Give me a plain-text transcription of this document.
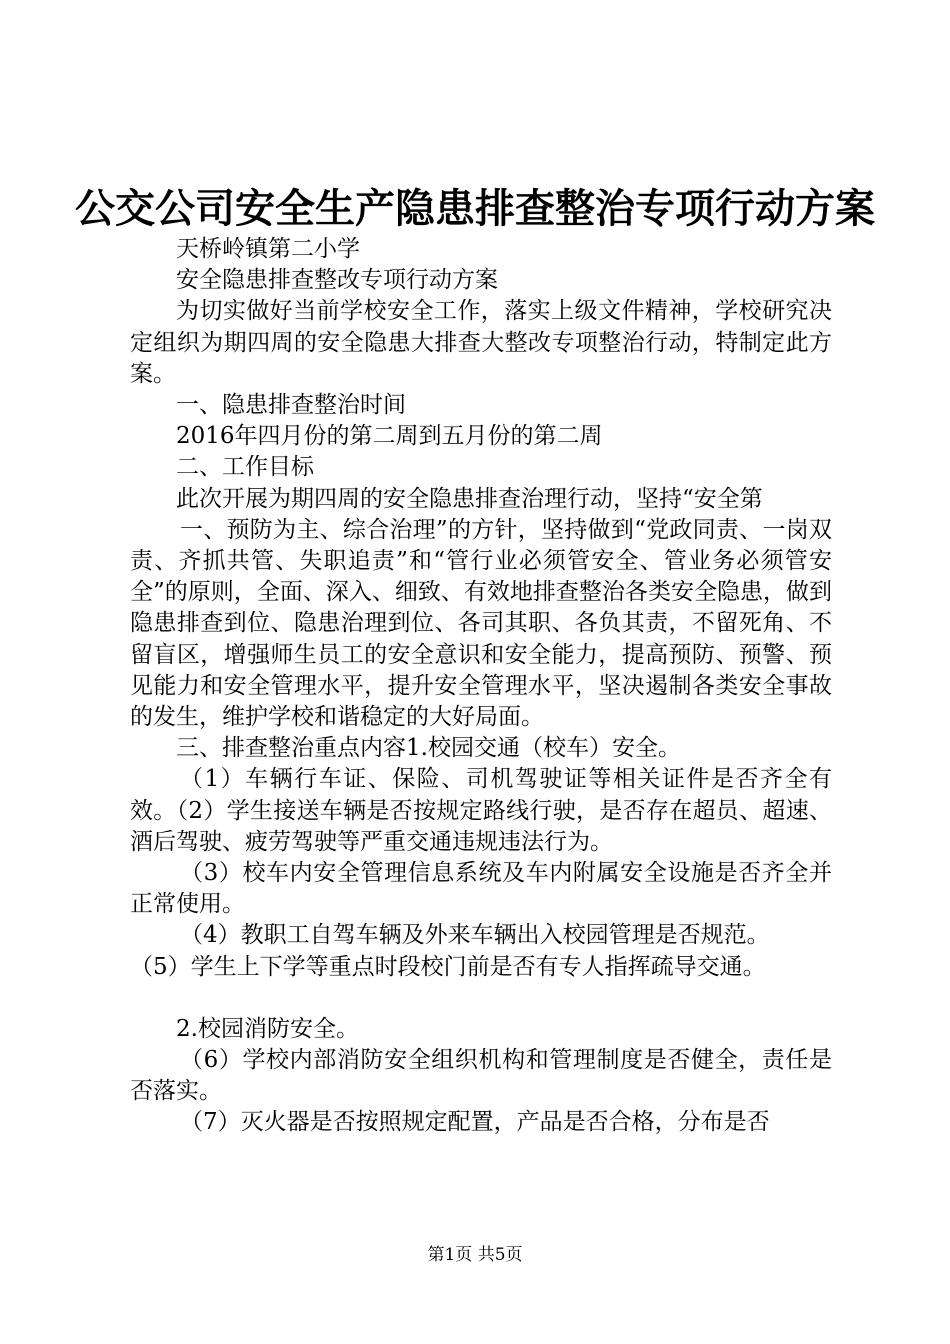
公交公司安全生产隐患排查整治专项行动方案

天桥岭镇第二小学

安全隐患排查整改专项行动方案

为切实做好当前学校安全工作，落实上级文件精神，学校研究决定组织为期四周的安全隐患大排查大整改专项整治行动，特制定此方案。

一、隐患排查整治时间

2016年四月份的第二周到五月份的第二周

二、工作目标

此次开展为期四周的安全隐患排查治理行动，坚持“安全第

一、预防为主、综合治理”的方针，坚持做到“党政同责、一岗双责、齐抓共管、失职追责”和“管行业必须管安全、管业务必须管安全”的原则，全面、深入、细致、有效地排查整治各类安全隐患，做到隐患排查到位、隐患治理到位、各司其职、各负其责，不留死角、不留盲区，增强师生员工的安全意识和安全能力，提高预防、预警、预见能力和安全管理水平，提升安全管理水平，坚决遏制各类安全事故的发生，维护学校和谐稳定的大好局面。

三、排查整治重点内容1.校园交通（校车）安全。

（1）车辆行车证、保险、司机驾驶证等相关证件是否齐全有效。（2）学生接送车辆是否按规定路线行驶，是否存在超员、超速、酒后驾驶、疲劳驾驶等严重交通违规违法行为。

（3）校车内安全管理信息系统及车内附属安全设施是否齐全并正常使用。

（4）教职工自驾车辆及外来车辆出入校园管理是否规范。

（5）学生上下学等重点时段校门前是否有专人指挥疏导交通。

2.校园消防安全。

（6）学校内部消防安全组织机构和管理制度是否健全，责任是否落实。

（7）灭火器是否按照规定配置，产品是否合格，分布是否

第1页 共5页
